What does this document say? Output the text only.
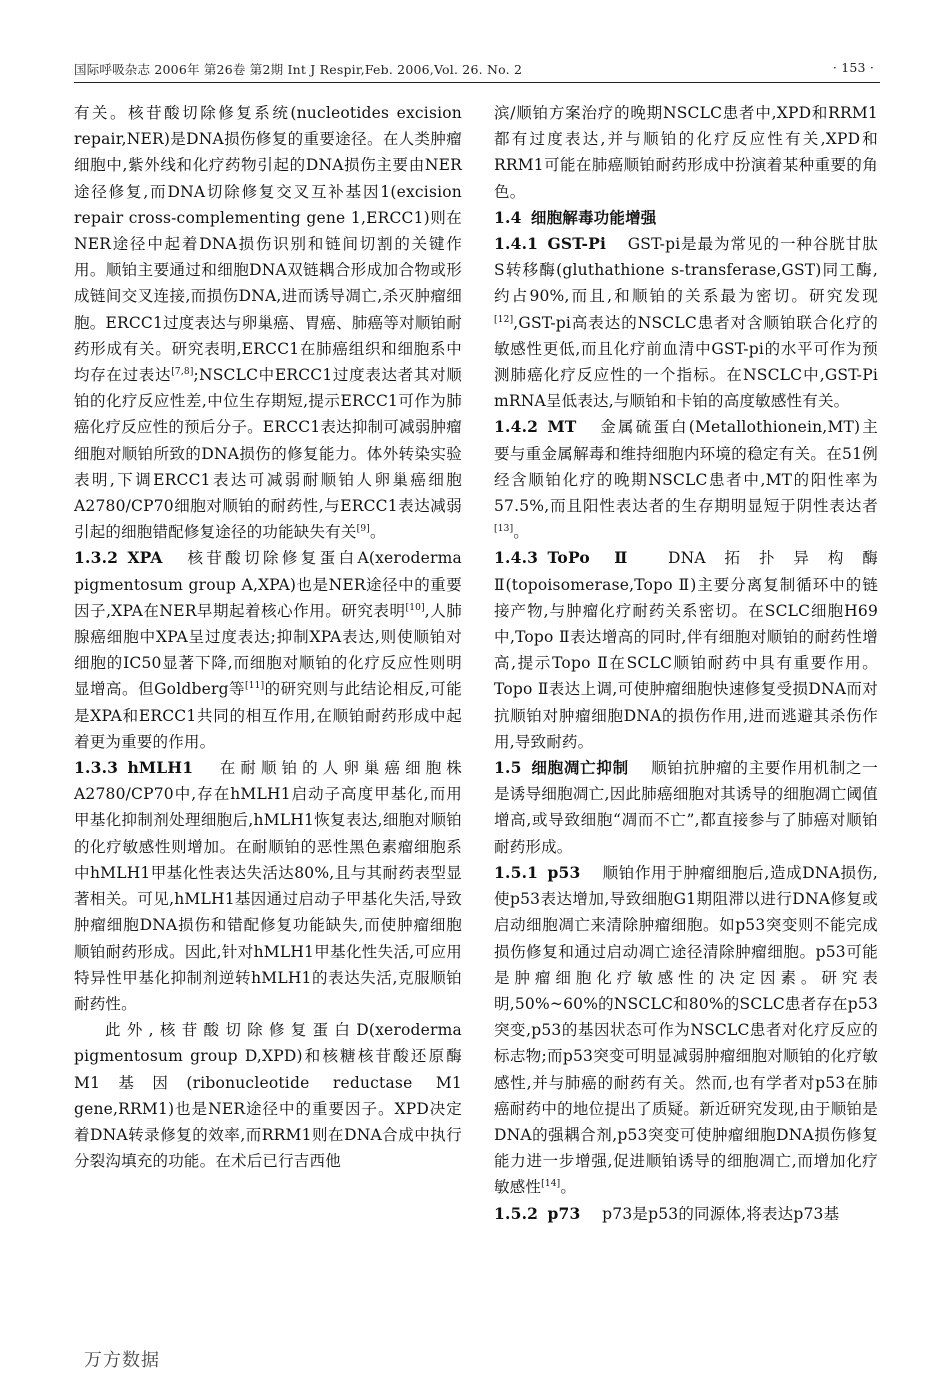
国际呼吸杂志 2006年 第26卷 第2期 Int J Respir,Feb. 2006,Vol. 26. No. 2	· 153 ·

有关。核苷酸切除修复系统(nucleotides excision repair,NER)是DNA损伤修复的重要途径。在人类肿瘤细胞中,紫外线和化疗药物引起的DNA损伤主要由NER途径修复,而DNA切除修复交叉互补基因1(excision repair cross-complementing gene 1,ERCC1)则在NER途径中起着DNA损伤识别和链间切割的关键作用。顺铂主要通过和细胞DNA双链耦合形成加合物或形成链间交叉连接,而损伤DNA,进而诱导凋亡,杀灭肿瘤细胞。ERCC1过度表达与卵巢癌、胃癌、肺癌等对顺铂耐药形成有关。研究表明,ERCC1在肺癌组织和细胞系中均存在过表达[7,8];NSCLC中ERCC1过度表达者其对顺铂的化疗反应性差,中位生存期短,提示ERCC1可作为肺癌化疗反应性的预后分子。ERCC1表达抑制可减弱肿瘤细胞对顺铂所致的DNA损伤的修复能力。体外转染实验表明,下调ERCC1表达可减弱耐顺铂人卵巢癌细胞A2780/CP70细胞对顺铂的耐药性,与ERCC1表达减弱引起的细胞错配修复途径的功能缺失有关[9]。

1.3.2 XPA 核苷酸切除修复蛋白A(xeroderma pigmentosum group A,XPA)也是NER途径中的重要因子,XPA在NER早期起着核心作用。研究表明[10],人肺腺癌细胞中XPA呈过度表达;抑制XPA表达,则使顺铂对细胞的IC50显著下降,而细胞对顺铂的化疗反应性则明显增高。但Goldberg等[11]的研究则与此结论相反,可能是XPA和ERCC1共同的相互作用,在顺铂耐药形成中起着更为重要的作用。

1.3.3 hMLH1 在耐顺铂的人卵巢癌细胞株A2780/CP70中,存在hMLH1启动子高度甲基化,而用甲基化抑制剂处理细胞后,hMLH1恢复表达,细胞对顺铂的化疗敏感性则增加。在耐顺铂的恶性黑色素瘤细胞系中hMLH1甲基化性表达失活达80%,且与其耐药表型显著相关。可见,hMLH1基因通过启动子甲基化失活,导致肿瘤细胞DNA损伤和错配修复功能缺失,而使肿瘤细胞顺铂耐药形成。因此,针对hMLH1甲基化性失活,可应用特异性甲基化抑制剂逆转hMLH1的表达失活,克服顺铂耐药性。

此外,核苷酸切除修复蛋白D(xeroderma pigmentosum group D,XPD)和核糖核苷酸还原酶M1基因(ribonucleotide reductase M1 gene,RRM1)也是NER途径中的重要因子。XPD决定着DNA转录修复的效率,而RRM1则在DNA合成中执行分裂沟填充的功能。在术后已行吉西他

滨/顺铂方案治疗的晚期NSCLC患者中,XPD和RRM1都有过度表达,并与顺铂的化疗反应性有关,XPD和RRM1可能在肺癌顺铂耐药形成中扮演着某种重要的角色。

1.4 细胞解毒功能增强

1.4.1 GST-Pi GST-pi是最为常见的一种谷胱甘肽S转移酶(gluthathione s-transferase,GST)同工酶,约占90%,而且,和顺铂的关系最为密切。研究发现[12],GST-pi高表达的NSCLC患者对含顺铂联合化疗的敏感性更低,而且化疗前血清中GST-pi的水平可作为预测肺癌化疗反应性的一个指标。在NSCLC中,GST-Pi mRNA呈低表达,与顺铂和卡铂的高度敏感性有关。

1.4.2 MT 金属硫蛋白(Metallothionein,MT)主要与重金属解毒和维持细胞内环境的稳定有关。在51例经含顺铂化疗的晚期NSCLC患者中,MT的阳性率为57.5%,而且阳性表达者的生存期明显短于阴性表达者[13]。

1.4.3 ToPo Ⅱ DNA拓扑异构酶Ⅱ(topoisomerase,Topo Ⅱ)主要分离复制循环中的链接产物,与肿瘤化疗耐药关系密切。在SCLC细胞H69中,Topo Ⅱ表达增高的同时,伴有细胞对顺铂的耐药性增高,提示Topo Ⅱ在SCLC顺铂耐药中具有重要作用。Topo Ⅱ表达上调,可使肿瘤细胞快速修复受损DNA而对抗顺铂对肿瘤细胞DNA的损伤作用,进而逃避其杀伤作用,导致耐药。

1.5 细胞凋亡抑制 顺铂抗肿瘤的主要作用机制之一是诱导细胞凋亡,因此肺癌细胞对其诱导的细胞凋亡阈值增高,或导致细胞“凋而不亡”,都直接参与了肺癌对顺铂耐药形成。

1.5.1 p53 顺铂作用于肿瘤细胞后,造成DNA损伤,使p53表达增加,导致细胞G1期阻滞以进行DNA修复或启动细胞凋亡来清除肿瘤细胞。如p53突变则不能完成损伤修复和通过启动凋亡途径清除肿瘤细胞。p53可能是肿瘤细胞化疗敏感性的决定因素。研究表明,50%~60%的NSCLC和80%的SCLC患者存在p53突变,p53的基因状态可作为NSCLC患者对化疗反应的标志物;而p53突变可明显减弱肿瘤细胞对顺铂的化疗敏感性,并与肺癌的耐药有关。然而,也有学者对p53在肺癌耐药中的地位提出了质疑。新近研究发现,由于顺铂是DNA的强耦合剂,p53突变可使肿瘤细胞DNA损伤修复能力进一步增强,促进顺铂诱导的细胞凋亡,而增加化疗敏感性[14]。

1.5.2 p73 p73是p53的同源体,将表达p73基

万方数据
